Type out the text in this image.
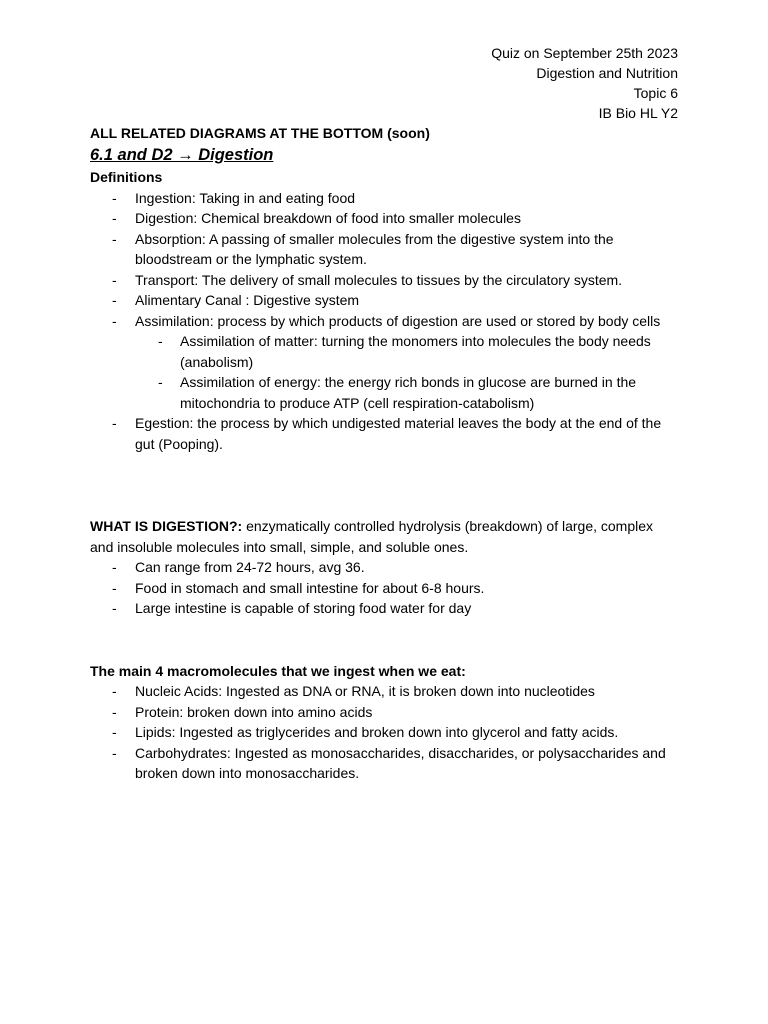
Quiz on September 25th 2023
Digestion and Nutrition
Topic 6
IB Bio HL Y2
ALL RELATED DIAGRAMS AT THE BOTTOM (soon)
6.1 and D2 → Digestion
Definitions
- Ingestion: Taking in and eating food
- Digestion: Chemical breakdown of food into smaller molecules
- Absorption: A passing of smaller molecules from the digestive system into the bloodstream or the lymphatic system.
- Transport: The delivery of small molecules to tissues by the circulatory system.
- Alimentary Canal : Digestive system
- Assimilation: process by which products of digestion are used or stored by body cells
- Assimilation of matter: turning the monomers into molecules the body needs (anabolism)
- Assimilation of energy: the energy rich bonds in glucose are burned in the mitochondria to produce ATP (cell respiration-catabolism)
- Egestion: the process by which undigested material leaves the body at the end of the gut (Pooping).
WHAT IS DIGESTION?: enzymatically controlled hydrolysis (breakdown) of large, complex and insoluble molecules into small, simple, and soluble ones.
- Can range from 24-72 hours, avg 36.
- Food in stomach and small intestine for about 6-8 hours.
- Large intestine is capable of storing food water for day
The main 4 macromolecules that we ingest when we eat:
- Nucleic Acids: Ingested as DNA or RNA, it is broken down into nucleotides
- Protein: broken down into amino acids
- Lipids: Ingested as triglycerides and broken down into glycerol and fatty acids.
- Carbohydrates: Ingested as monosaccharides, disaccharides, or polysaccharides and broken down into monosaccharides.
